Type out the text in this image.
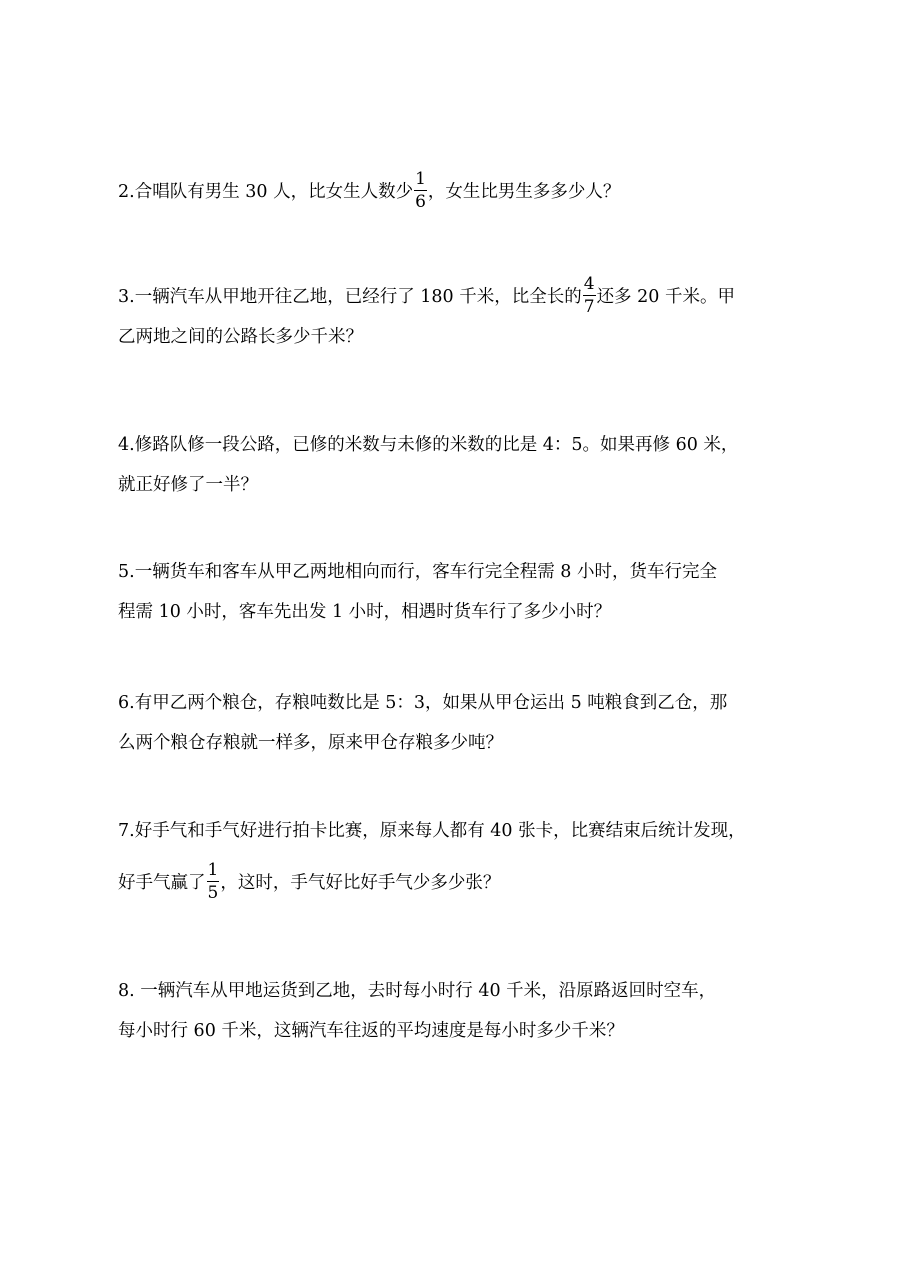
2.合唱队有男生 30 人，比女生人数少 $\frac{1}{6}$ ，女生比男生多多少人？
3.一辆汽车从甲地开往乙地，已经行了 180 千米，比全长的 $\frac{4}{7}$ 还多 20 千米。甲
乙两地之间的公路长多少千米？
4.修路队修一段公路，已修的米数与未修的米数的比是 4：5。如果再修 60 米，
就正好修了一半？
5.一辆货车和客车从甲乙两地相向而行，客车行完全程需 8 小时，货车行完全
程需 10 小时，客车先出发 1 小时，相遇时货车行了多少小时？
6.有甲乙两个粮仓，存粮吨数比是 5：3，如果从甲仓运出 5 吨粮食到乙仓，那
么两个粮仓存粮就一样多，原来甲仓存粮多少吨？
7.好手气和手气好进行拍卡比赛，原来每人都有 40 张卡，比赛结束后统计发现，
好手气赢了 $\frac{1}{5}$ ，这时，手气好比好手气少多少张？
8. 一辆汽车从甲地运货到乙地，去时每小时行 40 千米，沿原路返回时空车，
每小时行 60 千米，这辆汽车往返的平均速度是每小时多少千米？
